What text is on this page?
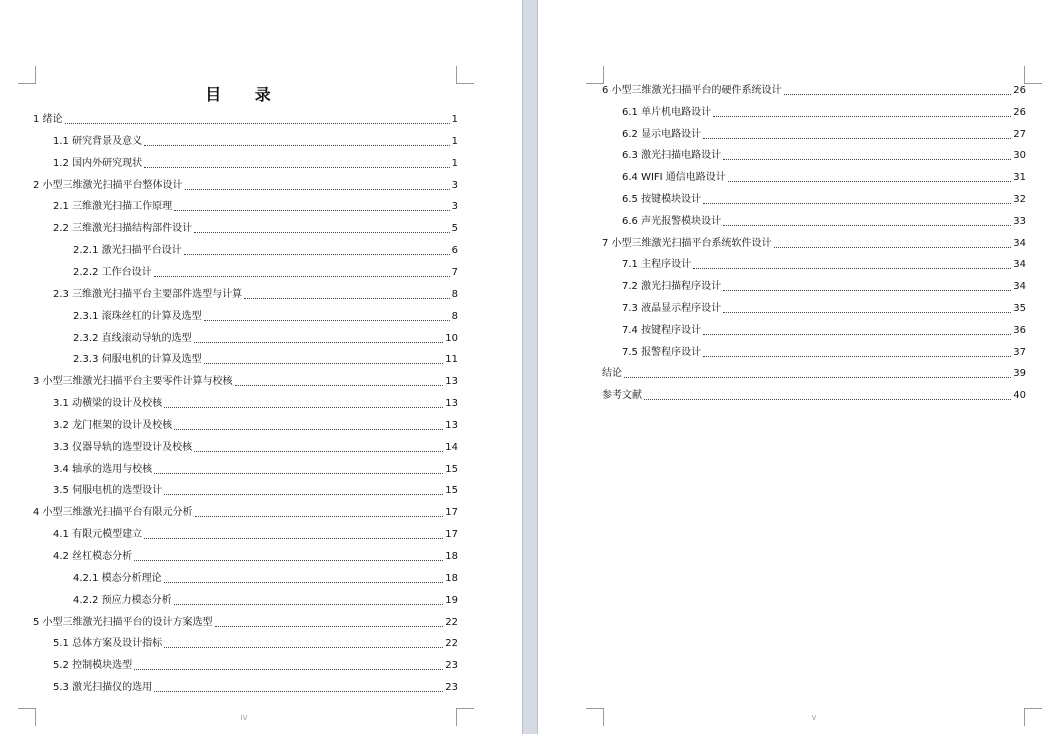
目 录
1 绪论	1
1.1 研究背景及意义	1
1.2 国内外研究现状	1
2 小型三维激光扫描平台整体设计	3
2.1 三维激光扫描工作原理	3
2.2 三维激光扫描结构部件设计	5
2.2.1 激光扫描平台设计	6
2.2.2 工作台设计	7
2.3 三维激光扫描平台主要部件选型与计算	8
2.3.1 滚珠丝杠的计算及选型	8
2.3.2 直线滚动导轨的选型	10
2.3.3 伺服电机的计算及选型	11
3 小型三维激光扫描平台主要零件计算与校核	13
3.1 动横梁的设计及校核	13
3.2 龙门框架的设计及校核	13
3.3 仪器导轨的选型设计及校核	14
3.4 轴承的选用与校核	15
3.5 伺服电机的选型设计	15
4 小型三维激光扫描平台有限元分析	17
4.1 有限元模型建立	17
4.2 丝杠模态分析	18
4.2.1 模态分析理论	18
4.2.2 预应力模态分析	19
5 小型三维激光扫描平台的设计方案选型	22
5.1 总体方案及设计指标	22
5.2 控制模块选型	23
5.3 激光扫描仪的选用	23
IV
6 小型三维激光扫描平台的硬件系统设计	26
6.1 单片机电路设计	26
6.2 显示电路设计	27
6.3 激光扫描电路设计	30
6.4 WIFI 通信电路设计	31
6.5 按键模块设计	32
6.6 声光报警模块设计	33
7 小型三维激光扫描平台系统软件设计	34
7.1 主程序设计	34
7.2 激光扫描程序设计	34
7.3 液晶显示程序设计	35
7.4 按键程序设计	36
7.5 报警程序设计	37
结论	39
参考文献	40
V
